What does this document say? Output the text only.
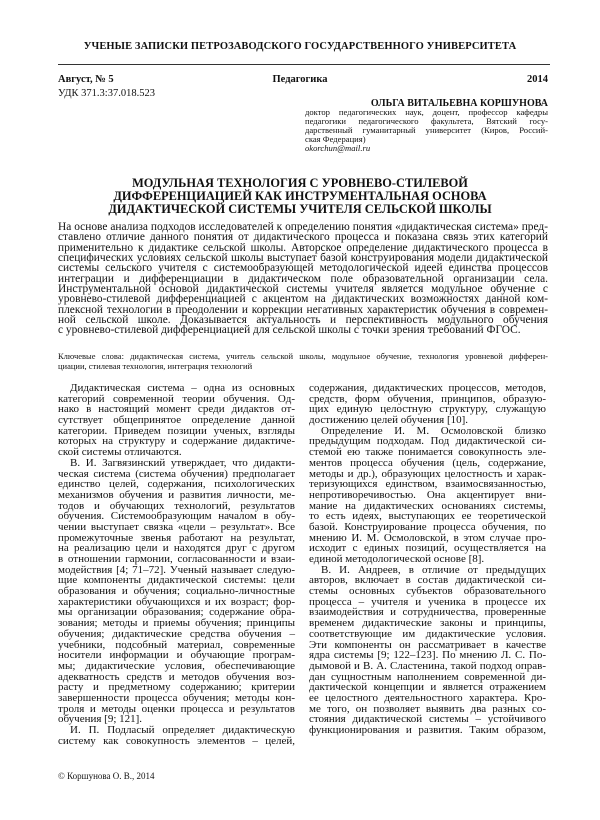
УЧЕНЫЕ ЗАПИСКИ ПЕТРОЗАВОДСКОГО ГОСУДАРСТВЕННОГО УНИВЕРСИТЕТА
Август, № 5	Педагогика	2014
УДК 371.3:37.018.523
ОЛЬГА ВИТАЛЬЕВНА КОРШУНОВА
доктор педагогических наук, доцент, профессор кафедры
педагогики педагогического факультета, Вятский госу-
дарственный гуманитарный университет (Киров, Россий-
ская Федерация)
okorchun@mail.ru
МОДУЛЬНАЯ ТЕХНОЛОГИЯ С УРОВНЕВО-СТИЛЕВОЙ
ДИФФЕРЕНЦИАЦИЕЙ КАК ИНСТРУМЕНТАЛЬНАЯ ОСНОВА
ДИДАКТИЧЕСКОЙ СИСТЕМЫ УЧИТЕЛЯ СЕЛЬСКОЙ ШКОЛЫ
На основе анализа подходов исследователей к определению понятия «дидактическая система» пред-
ставлено отличие данного понятия от дидактического процесса и показана связь этих категорий
применительно к дидактике сельской школы. Авторское определение дидактического процесса в
специфических условиях сельской школы выступает базой конструирования модели дидактической
системы сельского учителя с системообразующей методологической идеей единства процессов
интеграции и дифференциации в дидактическом поле образовательной организации села.
Инструментальной основой дидактической системы учителя является модульное обучение с
уровнево-стилевой дифференциацией с акцентом на дидактических возможностях данной ком-
плексной технологии в преодолении и коррекции негативных характеристик обучения в современ-
ной сельской школе. Доказывается актуальность и перспективность модульного обучения
с уровнево-стилевой дифференциацией для сельской школы с точки зрения требований ФГОС.
Ключевые слова: дидактическая система, учитель сельской школы, модульное обучение, технология уровневой дифферен-
циации, стилевая технология, интеграция технологий
Дидактическая система – одна из основных
категорий современной теории обучения. Од-
нако в настоящий момент среди дидактов от-
сутствует общепринятое определение данной
категории. Приведем позиции ученых, взгляды
которых на структуру и содержание дидактиче-
ской системы отличаются.
В. И. Загвязинский утверждает, что дидакти-
ческая система (система обучения) предполагает
единство целей, содержания, психологических
механизмов обучения и развития личности, ме-
тодов и обучающих технологий, результатов
обучения. Системообразующим началом в обу-
чении выступает связка «цели – результат». Все
промежуточные звенья работают на результат,
на реализацию цели и находятся друг с другом
в отношении гармонии, согласованности и взаи-
модействия [4; 71–72]. Ученый называет следую-
щие компоненты дидактической системы: цели
образования и обучения; социально-личностные
характеристики обучающихся и их возраст; фор-
мы организации образования; содержание обра-
зования; методы и приемы обучения; принципы
обучения; дидактические средства обучения –
учебники, подсобный материал, современные
носители информации и обучающие програм-
мы; дидактические условия, обеспечивающие
адекватность средств и методов обучения воз-
расту и предметному содержанию; критерии
завершенности процесса обучения; методы кон-
троля и методы оценки процесса и результатов
обучения [9; 121].
И. П. Подласый определяет дидактическую
систему как совокупность элементов – целей,
содержания, дидактических процессов, методов,
средств, форм обучения, принципов, образую-
щих единую целостную структуру, служащую
достижению целей обучения [10].
Определение И. М. Осмоловской близко
предыдущим подходам. Под дидактической си-
стемой ею также понимается совокупность эле-
ментов процесса обучения (цель, содержание,
методы и др.), образующих целостность и харак-
теризующихся единством, взаимосвязанностью,
непротиворечивостью. Она акцентирует вни-
мание на дидактических основаниях системы,
то есть идеях, выступающих ее теоретической
базой. Конструирование процесса обучения, по
мнению И. М. Осмоловской, в этом случае про-
исходит с единых позиций, осуществляется на
единой методологической основе [8].
В. И. Андреев, в отличие от предыдущих
авторов, включает в состав дидактической си-
стемы основных субъектов образовательного
процесса – учителя и ученика в процессе их
взаимодействия и сотрудничества, проверенные
временем дидактические законы и принципы,
соответствующие им дидактические условия.
Эти компоненты он рассматривает в качестве
ядра системы [9; 122–123]. По мнению Л. С. По-
дымовой и В. А. Сластенина, такой подход оправ-
дан сущностным наполнением современной ди-
дактической концепции и является отражением
ее целостного деятельностного характера. Кро-
ме того, он позволяет выявить два разных со-
стояния дидактической системы – устойчивого
функционирования и развития. Таким образом,
© Коршунова О. В., 2014
